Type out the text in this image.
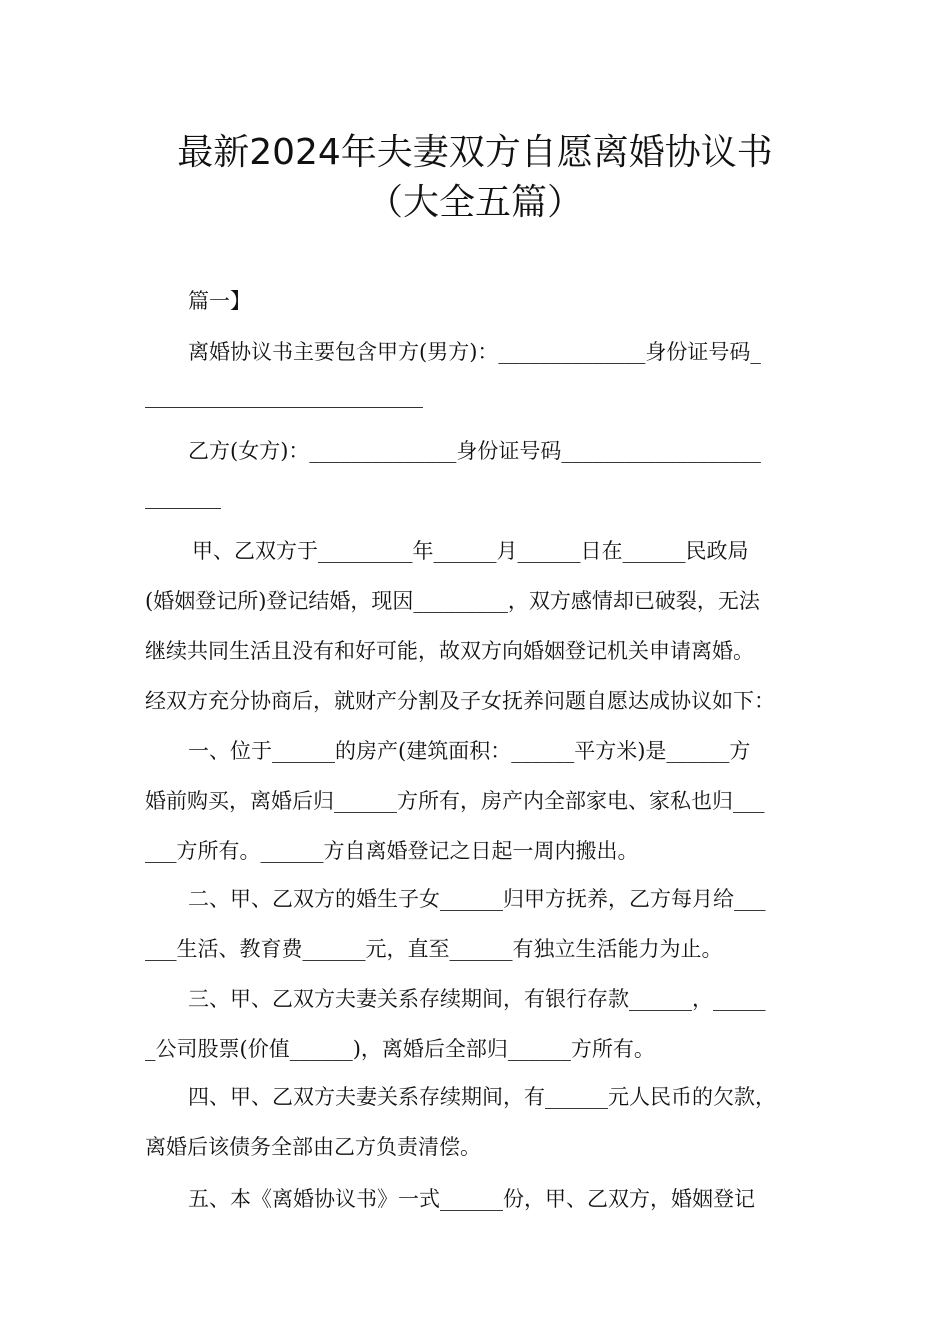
最新2024年夫妻双方自愿离婚协议书
（大全五篇）
篇一】
离婚协议书主要包含甲方(男方)：______________身份证号码_
乙方(女方)：______________身份证号码___________________
甲、乙双方于_________年______月______日在______民政局
(婚姻登记所)登记结婚，现因_________，双方感情却已破裂，无法
继续共同生活且没有和好可能，故双方向婚姻登记机关申请离婚。
经双方充分协商后，就财产分割及子女抚养问题自愿达成协议如下：
一、位于______的房产(建筑面积：______平方米)是______方
婚前购买，离婚后归______方所有，房产内全部家电、家私也归___
___方所有。______方自离婚登记之日起一周内搬出。
二、甲、乙双方的婚生子女______归甲方抚养，乙方每月给___
___生活、教育费______元，直至______有独立生活能力为止。
三、甲、乙双方夫妻关系存续期间，有银行存款______，_____
_公司股票(价值______)，离婚后全部归______方所有。
四、甲、乙双方夫妻关系存续期间，有______元人民币的欠款，
离婚后该债务全部由乙方负责清偿。
五、本《离婚协议书》一式______份，甲、乙双方，婚姻登记
